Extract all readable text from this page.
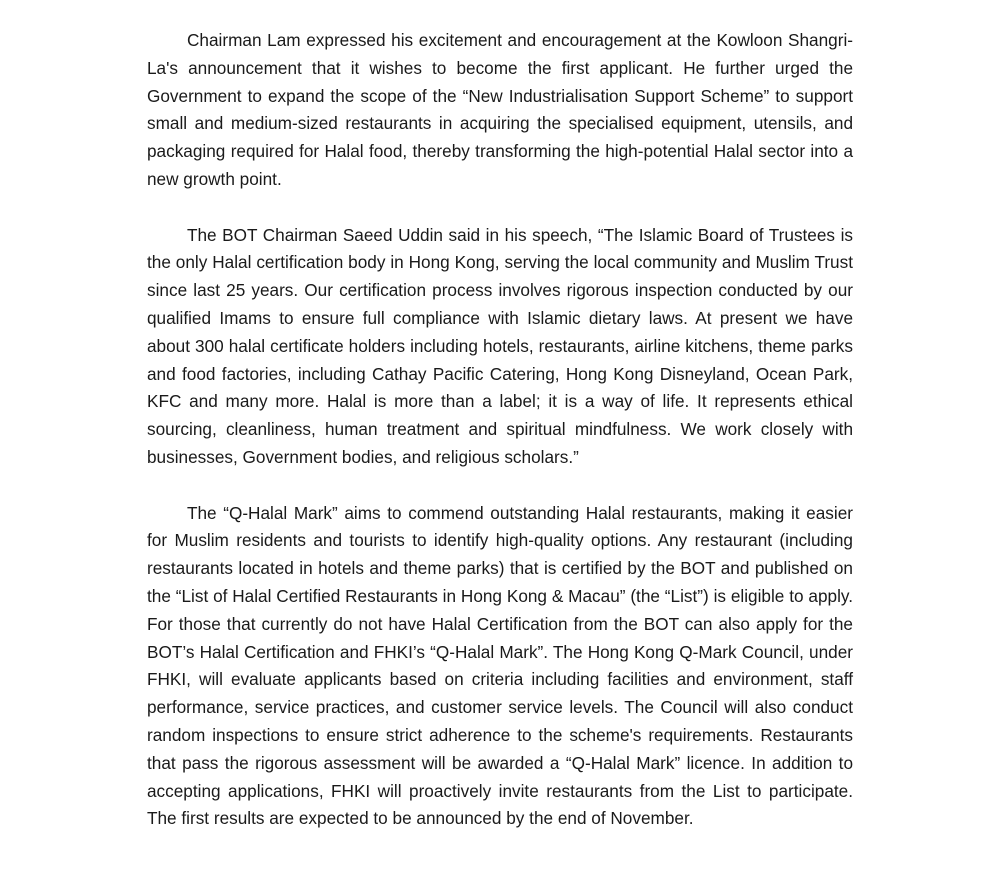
Chairman Lam expressed his excitement and encouragement at the Kowloon Shangri-La's announcement that it wishes to become the first applicant. He further urged the Government to expand the scope of the “New Industrialisation Support Scheme” to support small and medium-sized restaurants in acquiring the specialised equipment, utensils, and packaging required for Halal food, thereby transforming the high-potential Halal sector into a new growth point.

The BOT Chairman Saeed Uddin said in his speech, “The Islamic Board of Trustees is the only Halal certification body in Hong Kong, serving the local community and Muslim Trust since last 25 years. Our certification process involves rigorous inspection conducted by our qualified Imams to ensure full compliance with Islamic dietary laws. At present we have about 300 halal certificate holders including hotels, restaurants, airline kitchens, theme parks and food factories, including Cathay Pacific Catering, Hong Kong Disneyland, Ocean Park, KFC and many more. Halal is more than a label; it is a way of life. It represents ethical sourcing, cleanliness, human treatment and spiritual mindfulness. We work closely with businesses, Government bodies, and religious scholars.”

The “Q-Halal Mark” aims to commend outstanding Halal restaurants, making it easier for Muslim residents and tourists to identify high-quality options. Any restaurant (including restaurants located in hotels and theme parks) that is certified by the BOT and published on the “List of Halal Certified Restaurants in Hong Kong & Macau” (the “List”) is eligible to apply. For those that currently do not have Halal Certification from the BOT can also apply for the BOT’s Halal Certification and FHKI’s “Q-Halal Mark”. The Hong Kong Q-Mark Council, under FHKI, will evaluate applicants based on criteria including facilities and environment, staff performance, service practices, and customer service levels. The Council will also conduct random inspections to ensure strict adherence to the scheme's requirements. Restaurants that pass the rigorous assessment will be awarded a “Q-Halal Mark” licence. In addition to accepting applications, FHKI will proactively invite restaurants from the List to participate. The first results are expected to be announced by the end of November.
